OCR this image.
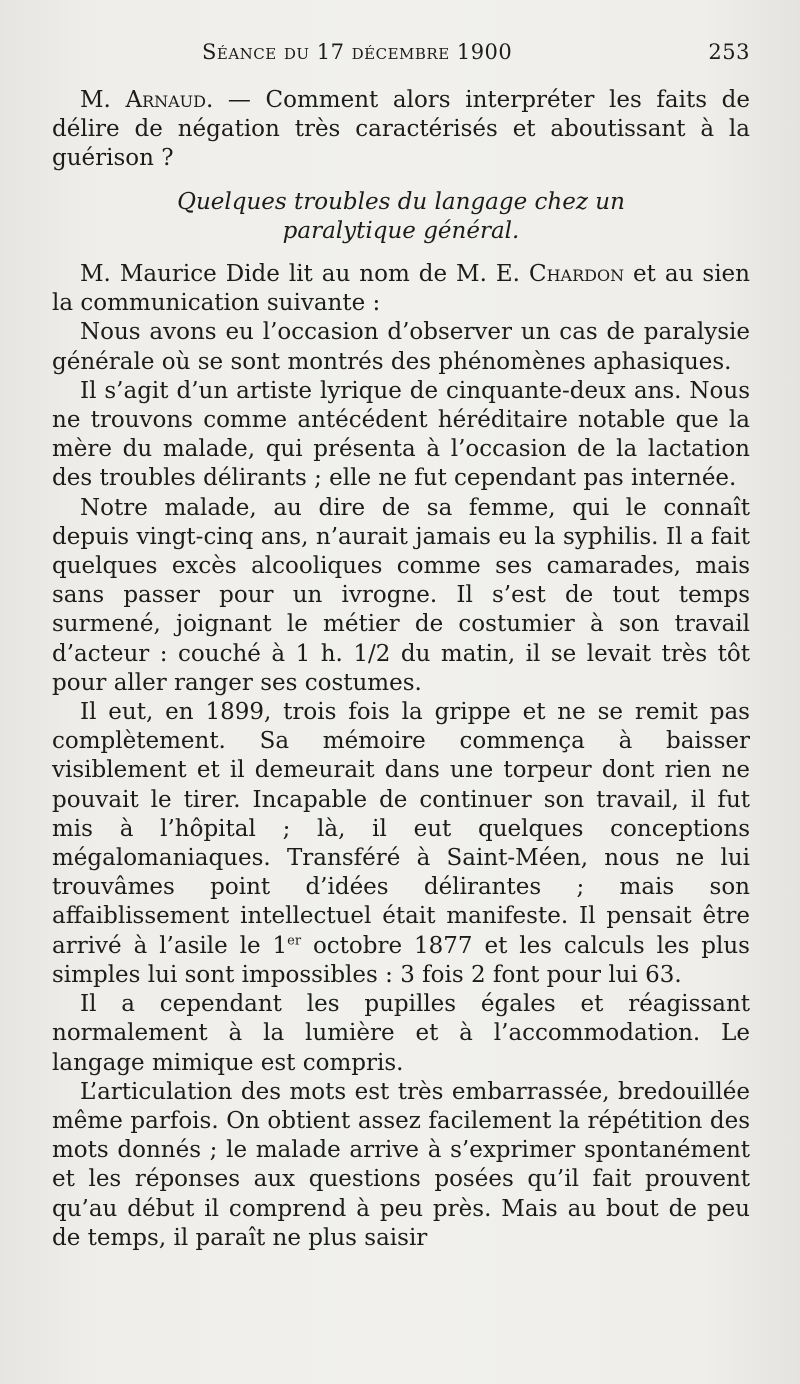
Séance du 17 décembre 1900	253

M. Arnaud. — Comment alors interpréter les faits de délire de négation très caractérisés et aboutissant à la guérison ?

Quelques troubles du langage chez un
paralytique général.

M. Maurice Dide lit au nom de M. E. Chardon et au sien la communication suivante :

Nous avons eu l’occasion d’observer un cas de paralysie générale où se sont montrés des phénomènes aphasiques.

Il s’agit d’un artiste lyrique de cinquante-deux ans. Nous ne trouvons comme antécédent héréditaire notable que la mère du malade, qui présenta à l’occasion de la lactation des troubles délirants ; elle ne fut cependant pas internée.

Notre malade, au dire de sa femme, qui le connaît depuis vingt-cinq ans, n’aurait jamais eu la syphilis. Il a fait quelques excès alcooliques comme ses camarades, mais sans passer pour un ivrogne. Il s’est de tout temps surmené, joignant le métier de costumier à son travail d’acteur : couché à 1 h. 1/2 du matin, il se levait très tôt pour aller ranger ses costumes.

Il eut, en 1899, trois fois la grippe et ne se remit pas complètement. Sa mémoire commença à baisser visiblement et il demeurait dans une torpeur dont rien ne pouvait le tirer. Incapable de continuer son travail, il fut mis à l’hôpital ; là, il eut quelques conceptions mégalomaniaques. Transféré à Saint-Méen, nous ne lui trouvâmes point d’idées délirantes ; mais son affaiblissement intellectuel était manifeste. Il pensait être arrivé à l’asile le 1er octobre 1877 et les calculs les plus simples lui sont impossibles : 3 fois 2 font pour lui 63.

Il a cependant les pupilles égales et réagissant normalement à la lumière et à l’accommodation. Le langage mimique est compris.

L’articulation des mots est très embarrassée, bredouillée même parfois. On obtient assez facilement la répétition des mots donnés ; le malade arrive à s’exprimer spontanément et les réponses aux questions posées qu’il fait prouvent qu’au début il comprend à peu près. Mais au bout de peu de temps, il paraît ne plus saisir
